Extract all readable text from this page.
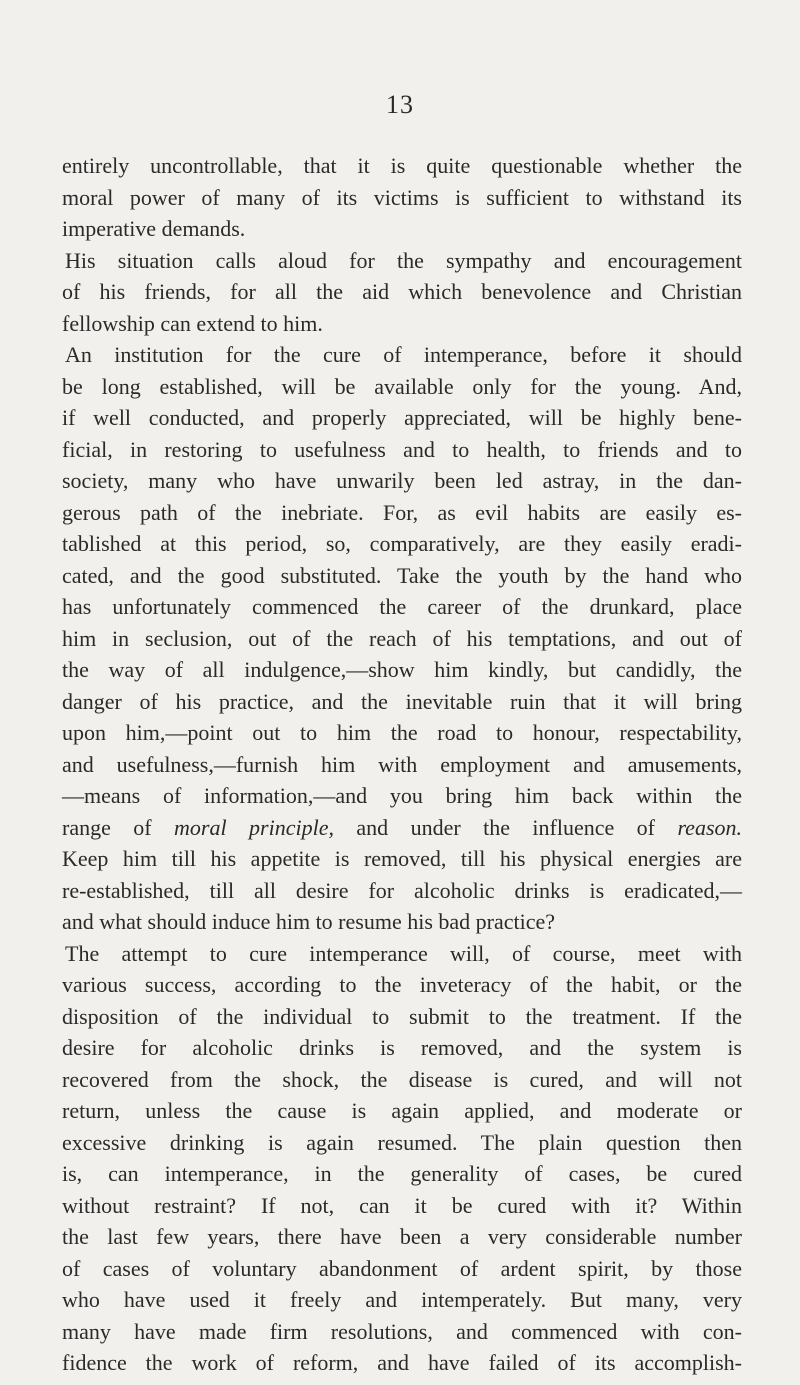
13
entirely uncontrollable, that it is quite questionable whether the
moral power of many of its victims is sufficient to withstand its
imperative demands.
His situation calls aloud for the sympathy and encouragement
of his friends, for all the aid which benevolence and Christian
fellowship can extend to him.
An institution for the cure of intemperance, before it should
be long established, will be available only for the young. And,
if well conducted, and properly appreciated, will be highly bene-
ficial, in restoring to usefulness and to health, to friends and to
society, many who have unwarily been led astray, in the dan-
gerous path of the inebriate. For, as evil habits are easily es-
tablished at this period, so, comparatively, are they easily eradi-
cated, and the good substituted. Take the youth by the hand who
has unfortunately commenced the career of the drunkard, place
him in seclusion, out of the reach of his temptations, and out of
the way of all indulgence,—show him kindly, but candidly, the
danger of his practice, and the inevitable ruin that it will bring
upon him,—point out to him the road to honour, respectability,
and usefulness,—furnish him with employment and amusements,
—means of information,—and you bring him back within the
range of moral principle, and under the influence of reason.
Keep him till his appetite is removed, till his physical energies are
re-established, till all desire for alcoholic drinks is eradicated,—
and what should induce him to resume his bad practice?
The attempt to cure intemperance will, of course, meet with
various success, according to the inveteracy of the habit, or the
disposition of the individual to submit to the treatment. If the
desire for alcoholic drinks is removed, and the system is
recovered from the shock, the disease is cured, and will not
return, unless the cause is again applied, and moderate or
excessive drinking is again resumed. The plain question then
is, can intemperance, in the generality of cases, be cured
without restraint? If not, can it be cured with it? Within
the last few years, there have been a very considerable number
of cases of voluntary abandonment of ardent spirit, by those
who have used it freely and intemperately. But many, very
many have made firm resolutions, and commenced with con-
fidence the work of reform, and have failed of its accomplish-
